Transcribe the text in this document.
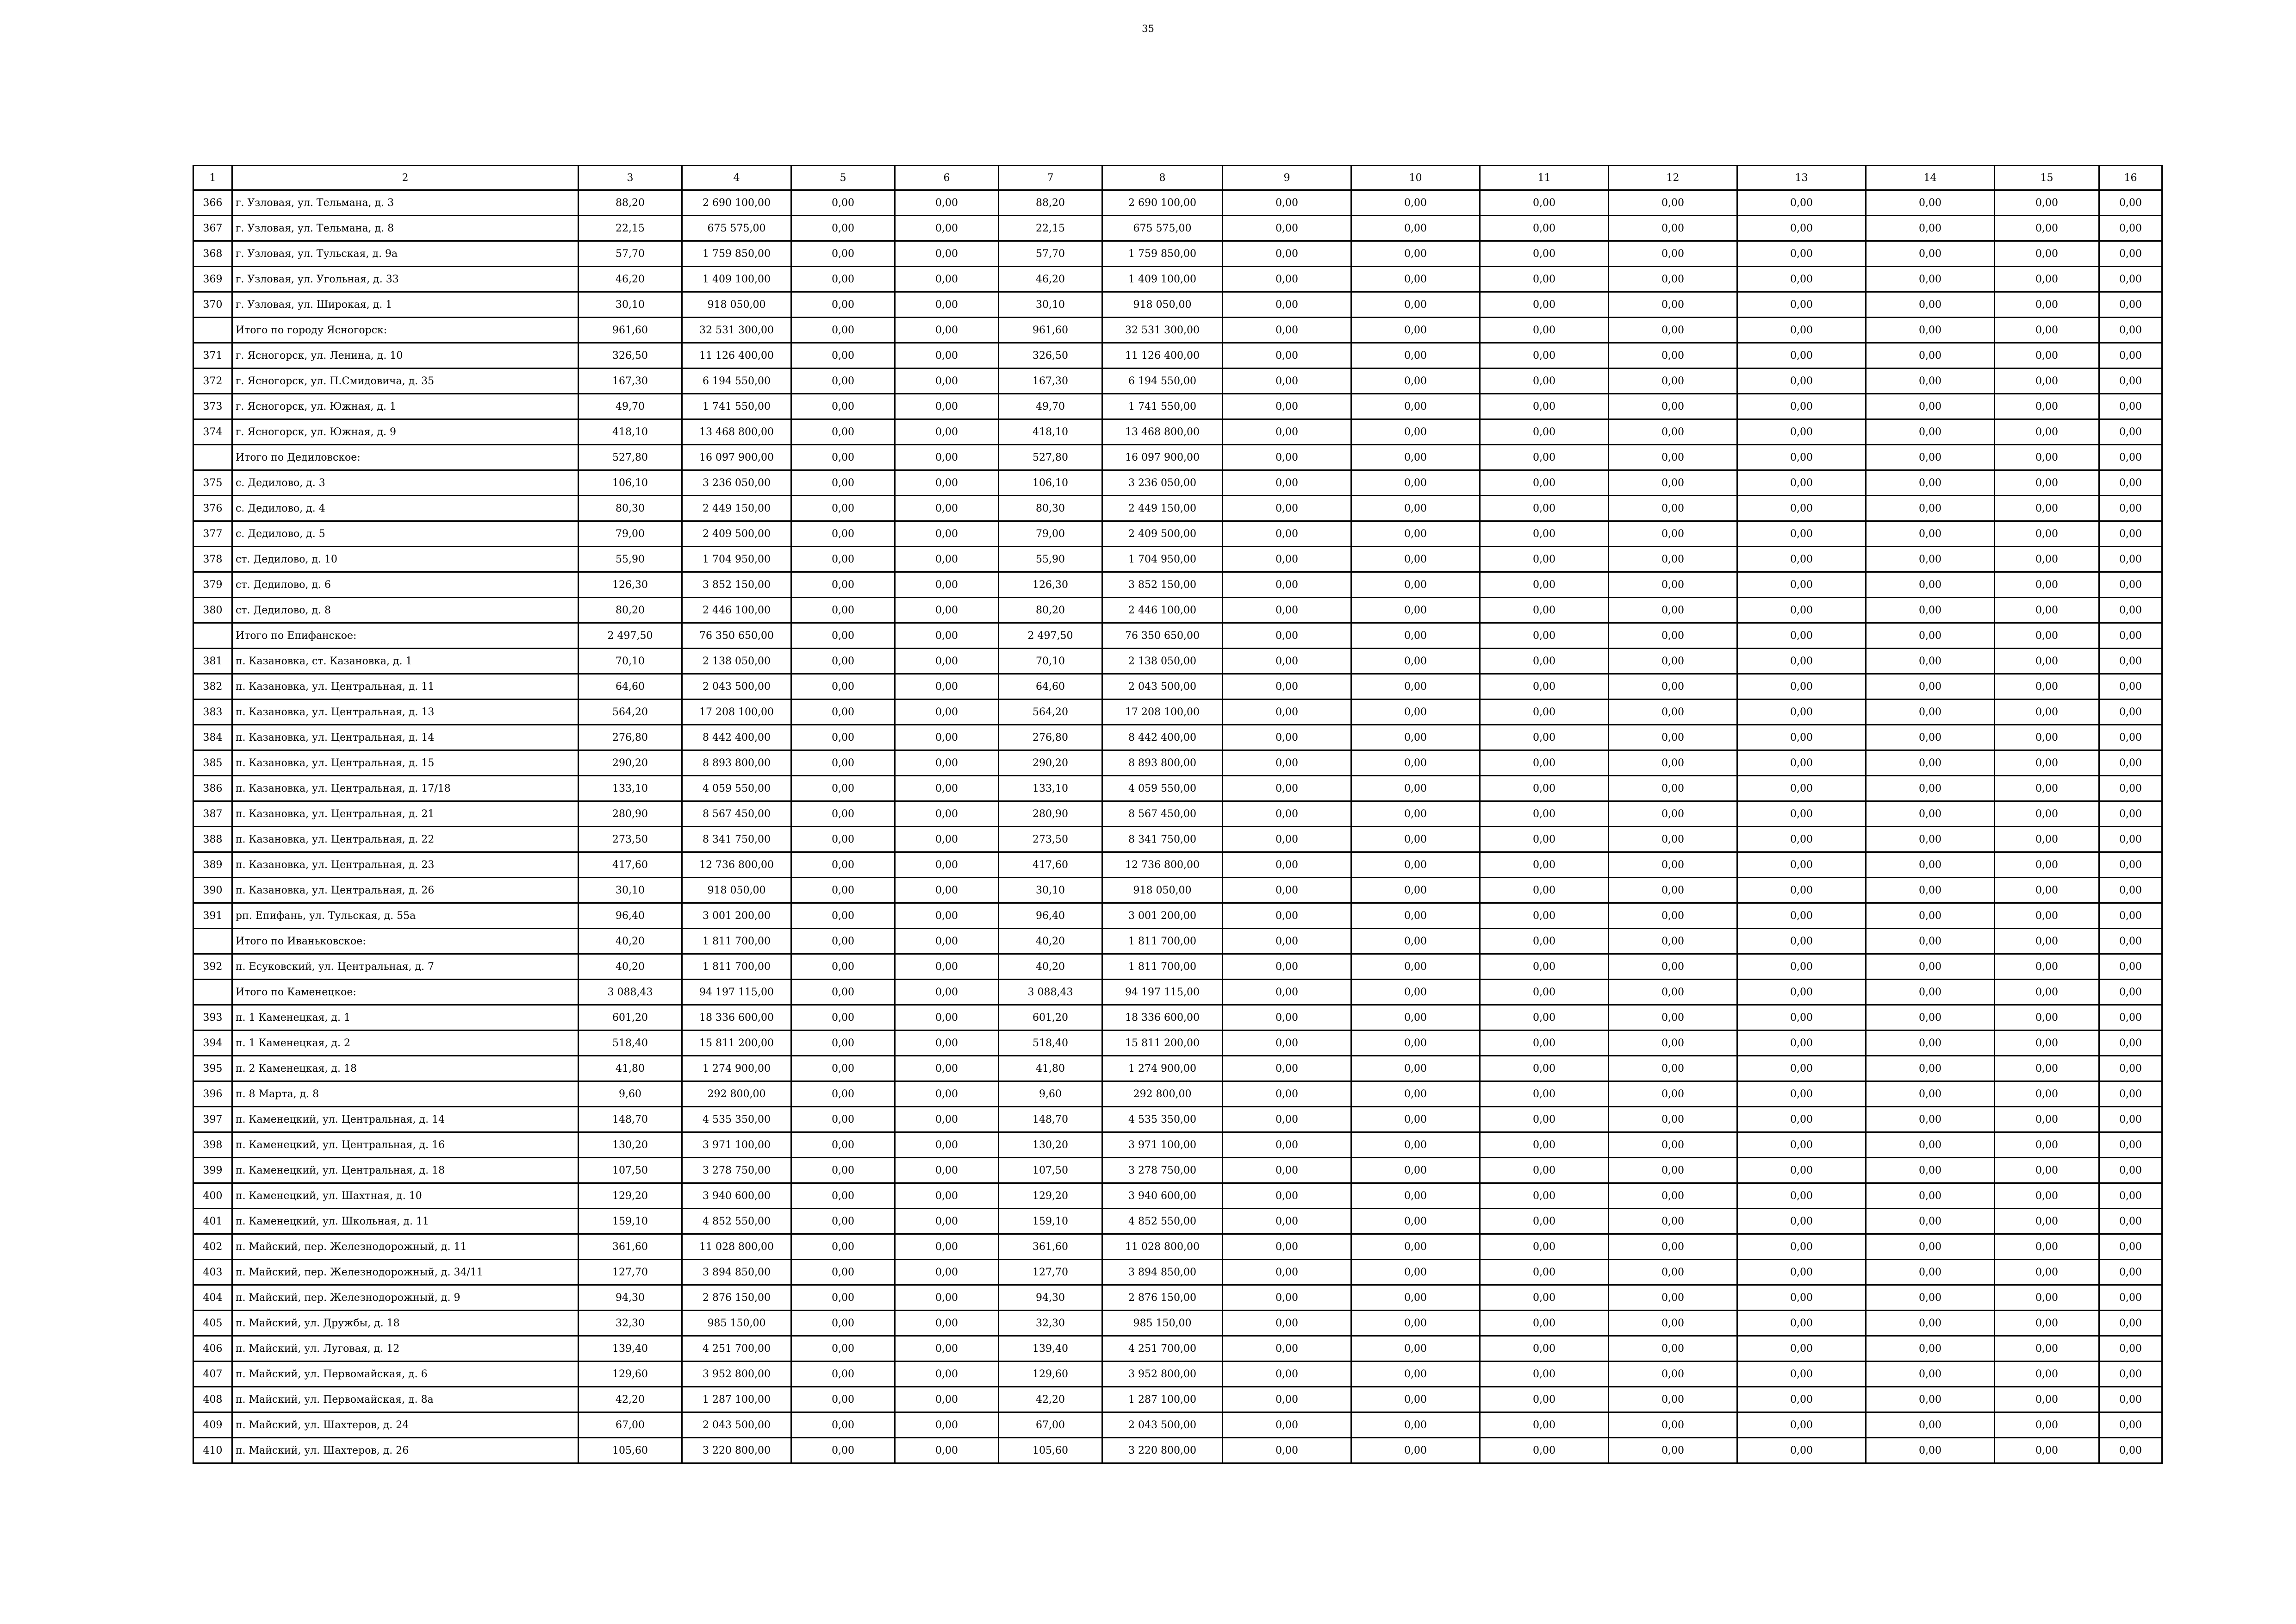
35
1	2	3	4	5	6	7	8	9	10	11	12	13	14	15	16
366	г. Узловая, ул. Тельмана, д. 3	88,20	2 690 100,00	0,00	0,00	88,20	2 690 100,00	0,00	0,00	0,00	0,00	0,00	0,00	0,00	0,00
367	г. Узловая, ул. Тельмана, д. 8	22,15	675 575,00	0,00	0,00	22,15	675 575,00	0,00	0,00	0,00	0,00	0,00	0,00	0,00	0,00
368	г. Узловая, ул. Тульская, д. 9а	57,70	1 759 850,00	0,00	0,00	57,70	1 759 850,00	0,00	0,00	0,00	0,00	0,00	0,00	0,00	0,00
369	г. Узловая, ул. Угольная, д. 33	46,20	1 409 100,00	0,00	0,00	46,20	1 409 100,00	0,00	0,00	0,00	0,00	0,00	0,00	0,00	0,00
370	г. Узловая, ул. Широкая, д. 1	30,10	918 050,00	0,00	0,00	30,10	918 050,00	0,00	0,00	0,00	0,00	0,00	0,00	0,00	0,00
	Итого по городу Ясногорск:	961,60	32 531 300,00	0,00	0,00	961,60	32 531 300,00	0,00	0,00	0,00	0,00	0,00	0,00	0,00	0,00
371	г. Ясногорск, ул. Ленина, д. 10	326,50	11 126 400,00	0,00	0,00	326,50	11 126 400,00	0,00	0,00	0,00	0,00	0,00	0,00	0,00	0,00
372	г. Ясногорск, ул. П.Смидовича, д. 35	167,30	6 194 550,00	0,00	0,00	167,30	6 194 550,00	0,00	0,00	0,00	0,00	0,00	0,00	0,00	0,00
373	г. Ясногорск, ул. Южная, д. 1	49,70	1 741 550,00	0,00	0,00	49,70	1 741 550,00	0,00	0,00	0,00	0,00	0,00	0,00	0,00	0,00
374	г. Ясногорск, ул. Южная, д. 9	418,10	13 468 800,00	0,00	0,00	418,10	13 468 800,00	0,00	0,00	0,00	0,00	0,00	0,00	0,00	0,00
	Итого по Дедиловское:	527,80	16 097 900,00	0,00	0,00	527,80	16 097 900,00	0,00	0,00	0,00	0,00	0,00	0,00	0,00	0,00
375	с. Дедилово, д. 3	106,10	3 236 050,00	0,00	0,00	106,10	3 236 050,00	0,00	0,00	0,00	0,00	0,00	0,00	0,00	0,00
376	с. Дедилово, д. 4	80,30	2 449 150,00	0,00	0,00	80,30	2 449 150,00	0,00	0,00	0,00	0,00	0,00	0,00	0,00	0,00
377	с. Дедилово, д. 5	79,00	2 409 500,00	0,00	0,00	79,00	2 409 500,00	0,00	0,00	0,00	0,00	0,00	0,00	0,00	0,00
378	ст. Дедилово, д. 10	55,90	1 704 950,00	0,00	0,00	55,90	1 704 950,00	0,00	0,00	0,00	0,00	0,00	0,00	0,00	0,00
379	ст. Дедилово, д. 6	126,30	3 852 150,00	0,00	0,00	126,30	3 852 150,00	0,00	0,00	0,00	0,00	0,00	0,00	0,00	0,00
380	ст. Дедилово, д. 8	80,20	2 446 100,00	0,00	0,00	80,20	2 446 100,00	0,00	0,00	0,00	0,00	0,00	0,00	0,00	0,00
	Итого по Епифанское:	2 497,50	76 350 650,00	0,00	0,00	2 497,50	76 350 650,00	0,00	0,00	0,00	0,00	0,00	0,00	0,00	0,00
381	п. Казановка, ст. Казановка, д. 1	70,10	2 138 050,00	0,00	0,00	70,10	2 138 050,00	0,00	0,00	0,00	0,00	0,00	0,00	0,00	0,00
382	п. Казановка, ул. Центральная, д. 11	64,60	2 043 500,00	0,00	0,00	64,60	2 043 500,00	0,00	0,00	0,00	0,00	0,00	0,00	0,00	0,00
383	п. Казановка, ул. Центральная, д. 13	564,20	17 208 100,00	0,00	0,00	564,20	17 208 100,00	0,00	0,00	0,00	0,00	0,00	0,00	0,00	0,00
384	п. Казановка, ул. Центральная, д. 14	276,80	8 442 400,00	0,00	0,00	276,80	8 442 400,00	0,00	0,00	0,00	0,00	0,00	0,00	0,00	0,00
385	п. Казановка, ул. Центральная, д. 15	290,20	8 893 800,00	0,00	0,00	290,20	8 893 800,00	0,00	0,00	0,00	0,00	0,00	0,00	0,00	0,00
386	п. Казановка, ул. Центральная, д. 17/18	133,10	4 059 550,00	0,00	0,00	133,10	4 059 550,00	0,00	0,00	0,00	0,00	0,00	0,00	0,00	0,00
387	п. Казановка, ул. Центральная, д. 21	280,90	8 567 450,00	0,00	0,00	280,90	8 567 450,00	0,00	0,00	0,00	0,00	0,00	0,00	0,00	0,00
388	п. Казановка, ул. Центральная, д. 22	273,50	8 341 750,00	0,00	0,00	273,50	8 341 750,00	0,00	0,00	0,00	0,00	0,00	0,00	0,00	0,00
389	п. Казановка, ул. Центральная, д. 23	417,60	12 736 800,00	0,00	0,00	417,60	12 736 800,00	0,00	0,00	0,00	0,00	0,00	0,00	0,00	0,00
390	п. Казановка, ул. Центральная, д. 26	30,10	918 050,00	0,00	0,00	30,10	918 050,00	0,00	0,00	0,00	0,00	0,00	0,00	0,00	0,00
391	рп. Епифань, ул. Тульская, д. 55а	96,40	3 001 200,00	0,00	0,00	96,40	3 001 200,00	0,00	0,00	0,00	0,00	0,00	0,00	0,00	0,00
	Итого по Иваньковское:	40,20	1 811 700,00	0,00	0,00	40,20	1 811 700,00	0,00	0,00	0,00	0,00	0,00	0,00	0,00	0,00
392	п. Есуковский, ул. Центральная, д. 7	40,20	1 811 700,00	0,00	0,00	40,20	1 811 700,00	0,00	0,00	0,00	0,00	0,00	0,00	0,00	0,00
	Итого по Каменецкое:	3 088,43	94 197 115,00	0,00	0,00	3 088,43	94 197 115,00	0,00	0,00	0,00	0,00	0,00	0,00	0,00	0,00
393	п. 1 Каменецкая, д. 1	601,20	18 336 600,00	0,00	0,00	601,20	18 336 600,00	0,00	0,00	0,00	0,00	0,00	0,00	0,00	0,00
394	п. 1 Каменецкая, д. 2	518,40	15 811 200,00	0,00	0,00	518,40	15 811 200,00	0,00	0,00	0,00	0,00	0,00	0,00	0,00	0,00
395	п. 2 Каменецкая, д. 18	41,80	1 274 900,00	0,00	0,00	41,80	1 274 900,00	0,00	0,00	0,00	0,00	0,00	0,00	0,00	0,00
396	п. 8 Марта, д. 8	9,60	292 800,00	0,00	0,00	9,60	292 800,00	0,00	0,00	0,00	0,00	0,00	0,00	0,00	0,00
397	п. Каменецкий, ул. Центральная, д. 14	148,70	4 535 350,00	0,00	0,00	148,70	4 535 350,00	0,00	0,00	0,00	0,00	0,00	0,00	0,00	0,00
398	п. Каменецкий, ул. Центральная, д. 16	130,20	3 971 100,00	0,00	0,00	130,20	3 971 100,00	0,00	0,00	0,00	0,00	0,00	0,00	0,00	0,00
399	п. Каменецкий, ул. Центральная, д. 18	107,50	3 278 750,00	0,00	0,00	107,50	3 278 750,00	0,00	0,00	0,00	0,00	0,00	0,00	0,00	0,00
400	п. Каменецкий, ул. Шахтная, д. 10	129,20	3 940 600,00	0,00	0,00	129,20	3 940 600,00	0,00	0,00	0,00	0,00	0,00	0,00	0,00	0,00
401	п. Каменецкий, ул. Школьная, д. 11	159,10	4 852 550,00	0,00	0,00	159,10	4 852 550,00	0,00	0,00	0,00	0,00	0,00	0,00	0,00	0,00
402	п. Майский, пер. Железнодорожный, д. 11	361,60	11 028 800,00	0,00	0,00	361,60	11 028 800,00	0,00	0,00	0,00	0,00	0,00	0,00	0,00	0,00
403	п. Майский, пер. Железнодорожный, д. 34/11	127,70	3 894 850,00	0,00	0,00	127,70	3 894 850,00	0,00	0,00	0,00	0,00	0,00	0,00	0,00	0,00
404	п. Майский, пер. Железнодорожный, д. 9	94,30	2 876 150,00	0,00	0,00	94,30	2 876 150,00	0,00	0,00	0,00	0,00	0,00	0,00	0,00	0,00
405	п. Майский, ул. Дружбы, д. 18	32,30	985 150,00	0,00	0,00	32,30	985 150,00	0,00	0,00	0,00	0,00	0,00	0,00	0,00	0,00
406	п. Майский, ул. Луговая, д. 12	139,40	4 251 700,00	0,00	0,00	139,40	4 251 700,00	0,00	0,00	0,00	0,00	0,00	0,00	0,00	0,00
407	п. Майский, ул. Первомайская, д. 6	129,60	3 952 800,00	0,00	0,00	129,60	3 952 800,00	0,00	0,00	0,00	0,00	0,00	0,00	0,00	0,00
408	п. Майский, ул. Первомайская, д. 8а	42,20	1 287 100,00	0,00	0,00	42,20	1 287 100,00	0,00	0,00	0,00	0,00	0,00	0,00	0,00	0,00
409	п. Майский, ул. Шахтеров, д. 24	67,00	2 043 500,00	0,00	0,00	67,00	2 043 500,00	0,00	0,00	0,00	0,00	0,00	0,00	0,00	0,00
410	п. Майский, ул. Шахтеров, д. 26	105,60	3 220 800,00	0,00	0,00	105,60	3 220 800,00	0,00	0,00	0,00	0,00	0,00	0,00	0,00	0,00
